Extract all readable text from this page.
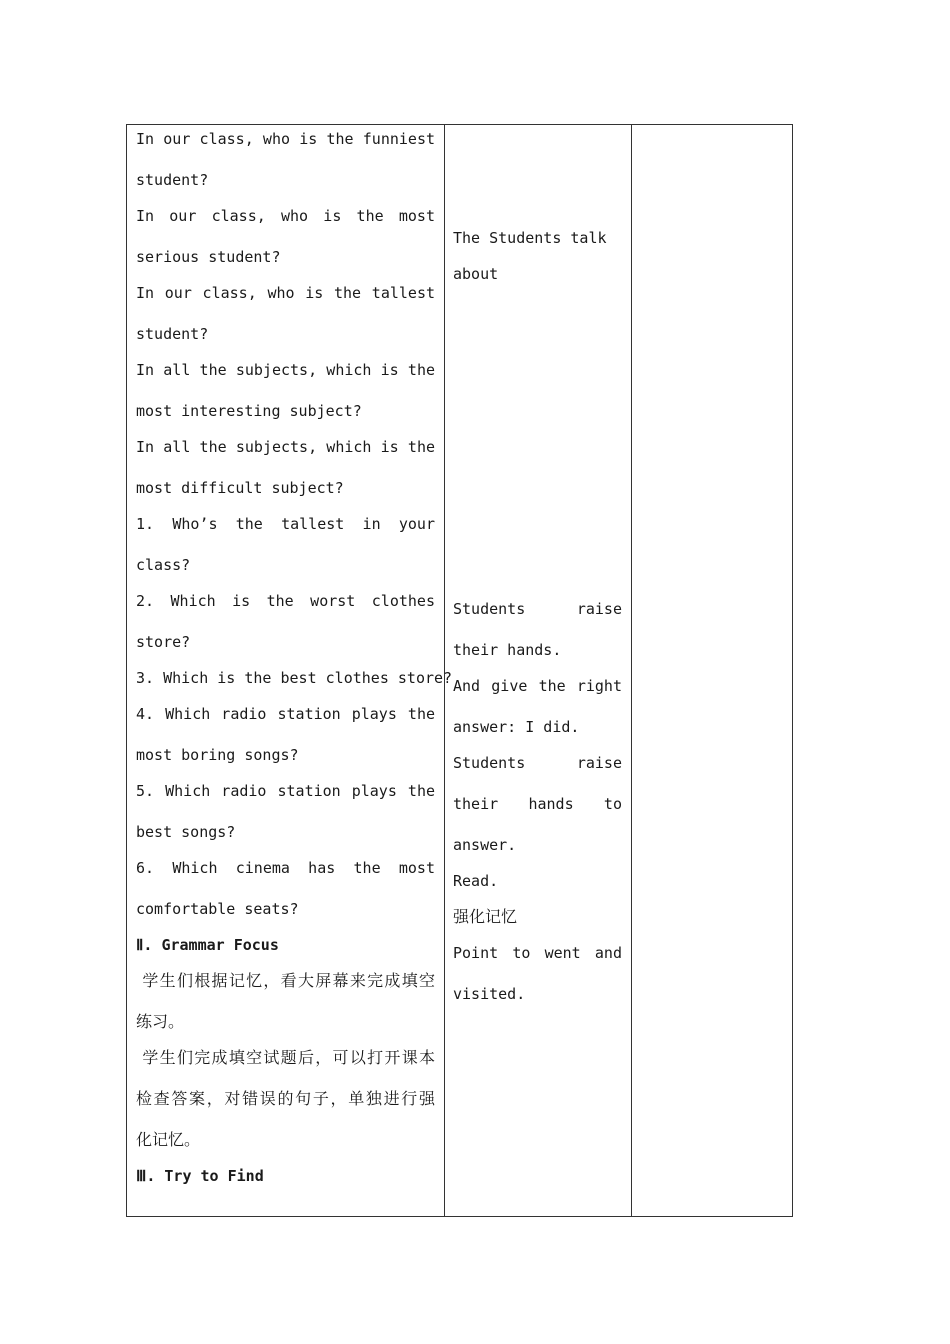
In our class, who is the funniest
student?
In our class, who is the most
serious student?
In our class, who is the tallest
student?
In all the subjects, which is the
most interesting subject?
In all the subjects, which is the
most difficult subject?
1. Who’s the tallest in your
class?
2. Which is the worst clothes
store?
3. Which is the best clothes store?
4. Which radio station plays the
most boring songs?
5. Which radio station plays the
best songs?
6. Which cinema has the most
comfortable seats?
Ⅱ. Grammar Focus
学生们根据记忆，看大屏幕来完成填空
练习。
学生们完成填空试题后，可以打开课本
检查答案，对错误的句子，单独进行强
化记忆。
Ⅲ. Try to Find
The Students talk
about
Students raise
their hands.
And give the right
answer: I did.
Students raise
their hands to
answer.
Read.
强化记忆
Point to went and
visited.
